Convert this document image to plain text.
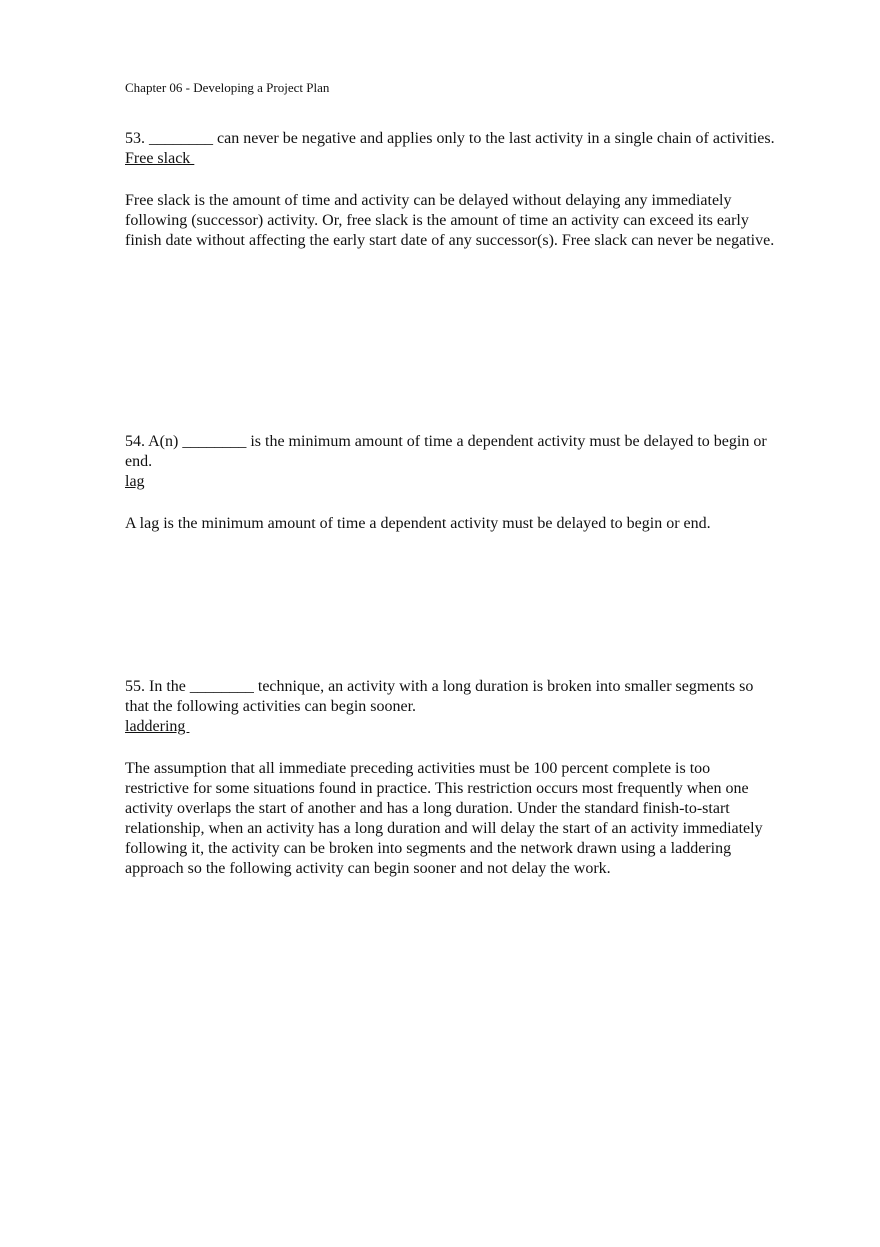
Chapter 06 - Developing a Project Plan

53. ________ can never be negative and applies only to the last activity in a single chain of activities.

Free slack

Free slack is the amount of time and activity can be delayed without delaying any immediately following (successor) activity. Or, free slack is the amount of time an activity can exceed its early finish date without affecting the early start date of any successor(s). Free slack can never be negative.

54. A(n) ________ is the minimum amount of time a dependent activity must be delayed to begin or end.

lag

A lag is the minimum amount of time a dependent activity must be delayed to begin or end.

55. In the ________ technique, an activity with a long duration is broken into smaller segments so that the following activities can begin sooner.

laddering

The assumption that all immediate preceding activities must be 100 percent complete is too restrictive for some situations found in practice. This restriction occurs most frequently when one activity overlaps the start of another and has a long duration. Under the standard finish-to-start relationship, when an activity has a long duration and will delay the start of an activity immediately following it, the activity can be broken into segments and the network drawn using a laddering approach so the following activity can begin sooner and not delay the work.
